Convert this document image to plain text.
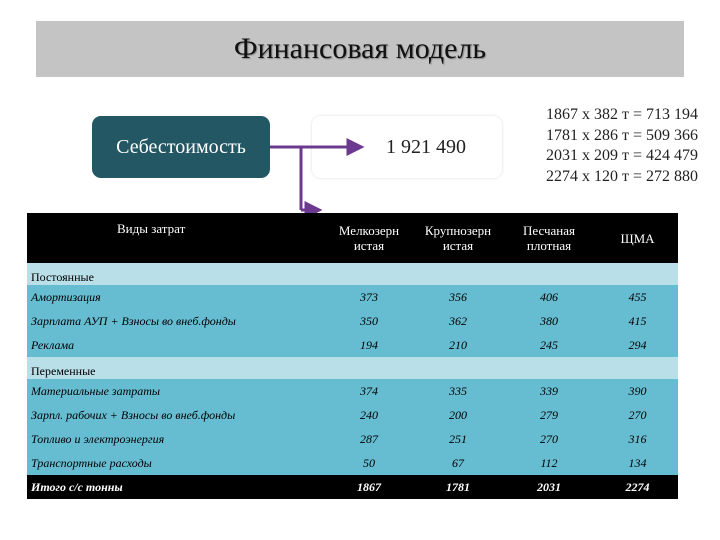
Финансовая модель
Себестоимость	1 921 490
1867 х 382 т = 713 194
1781 х 286 т = 509 366
2031 х 209 т = 424 479
2274 х 120 т = 272 880
Виды затрат	Мелкозерн истая	Крупнозерн истая	Песчаная плотная	ЩМА
Постоянные				
Амортизация	373	356	406	455
Зарплата АУП + Взносы во внеб.фонды	350	362	380	415
Реклама	194	210	245	294
Переменные				
Материальные затраты	374	335	339	390
Зарпл. рабочих + Взносы во внеб.фонды	240	200	279	270
Топливо и электроэнергия	287	251	270	316
Транспортные расходы	50	67	112	134
Итого с/с тонны	1867	1781	2031	2274
